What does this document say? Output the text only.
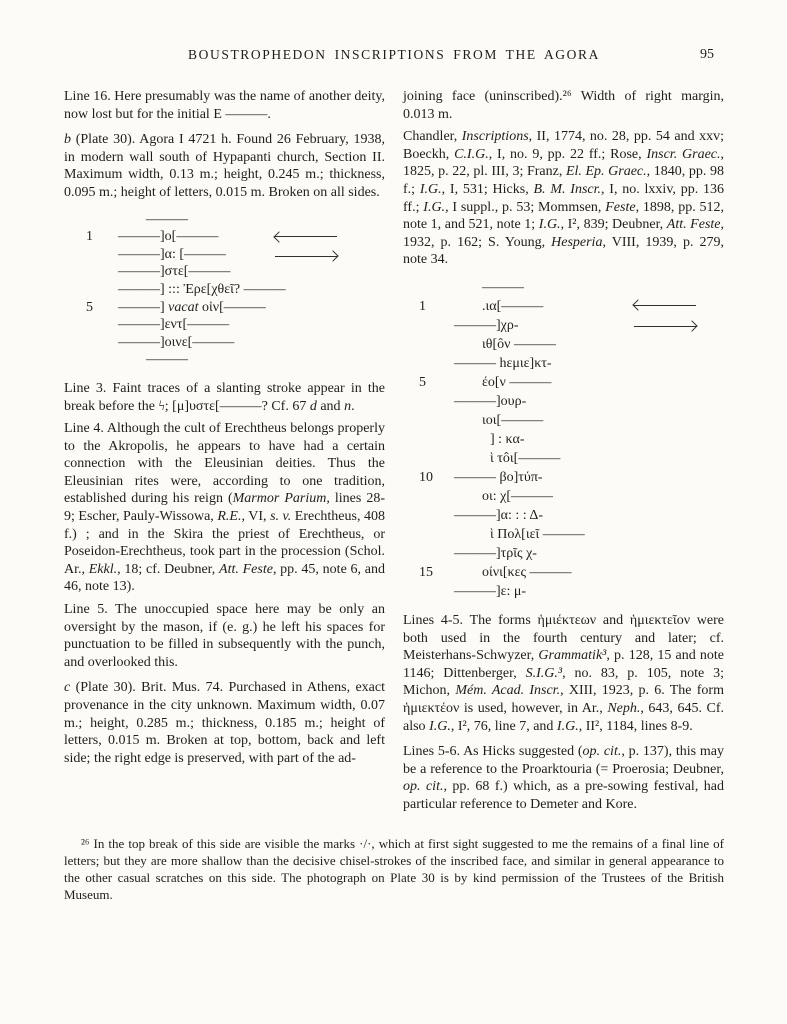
BOUSTROPHEDON INSCRIPTIONS FROM THE AGORA	95

Line 16. Here presumably was the name of another deity, now lost but for the initial E ———.

b (Plate 30). Agora I 4721 h. Found 26 February, 1938, in modern wall south of Hypapanti church, Section II. Maximum width, 0.13 m.; height, 0.245 m.; thickness, 0.095 m.; height of letters, 0.015 m. Broken on all sides.

———
1	———]o[———
———]α: [———
———]στε[———
———] ::: Ἐρε[χθεῖ? ———
5	———] vacat οἰν[———
———]εντ[———
———]οινε[———
———

Line 3. Faint traces of a slanting stroke appear in the break before the ϟ; [μ]υστε[———? Cf. 67 d and n.

Line 4. Although the cult of Erechtheus belongs properly to the Akropolis, he appears to have had a certain connection with the Eleusinian deities. Thus the Eleusinian rites were, according to one tradition, established during his reign (Marmor Parium, lines 28-9; Escher, Pauly-Wissowa, R.E., VI, s. v. Erechtheus, 408 f.) ; and in the Skira the priest of Erechtheus, or Poseidon-Erechtheus, took part in the procession (Schol. Ar., Ekkl., 18; cf. Deubner, Att. Feste, pp. 45, note 6, and 46, note 13).

Line 5. The unoccupied space here may be only an oversight by the mason, if (e. g.) he left his spaces for punctuation to be filled in subsequently with the punch, and overlooked this.

c (Plate 30). Brit. Mus. 74. Purchased in Athens, exact provenance in the city unknown. Maximum width, 0.07 m.; height, 0.285 m.; thickness, 0.185 m.; height of letters, 0.015 m. Broken at top, bottom, back and left side; the right edge is preserved, with part of the ad-

joining face (uninscribed).²⁶ Width of right margin, 0.013 m.

Chandler, Inscriptions, II, 1774, no. 28, pp. 54 and xxv; Boeckh, C.I.G., I, no. 9, pp. 22 ff.; Rose, Inscr. Graec., 1825, p. 22, pl. III, 3; Franz, El. Ep. Graec., 1840, pp. 98 f.; I.G., I, 531; Hicks, B. M. Inscr., I, no. lxxiv, pp. 136 ff.; I.G., I suppl., p. 53; Mommsen, Feste, 1898, pp. 512, note 1, and 521, note 1; I.G., I², 839; Deubner, Att. Feste, 1932, p. 162; S. Young, Hesperia, VIII, 1939, p. 279, note 34.

———
1	.ια[———
———]χρ-
ιθ[ôν ———
——— hεμιε]κτ-
5	έο[ν ———
———]ουρ-
ιοι[———
] : κα-
ὶ τôι[———
10	——— βο]τύπ-
οι: χ[———
———]α: : : Δ-
ὶ Πολ[ιεῖ ———
———]τρῖς χ-
15	οίνι[κες ———
———]ε: μ-

Lines 4-5. The forms ἡμιέκτεων and ἡμιεκτεῖον were both used in the fourth century and later; cf. Meisterhans-Schwyzer, Grammatik³, p. 128, 15 and note 1146; Dittenberger, S.I.G.³, no. 83, p. 105, note 3; Michon, Mém. Acad. Inscr., XIII, 1923, p. 6. The form ἡμιεκτέον is used, however, in Ar., Neph., 643, 645. Cf. also I.G., I², 76, line 7, and I.G., II², 1184, lines 8-9.

Lines 5-6. As Hicks suggested (op. cit., p. 137), this may be a reference to the Proarktouria (= Proerosia; Deubner, op. cit., pp. 68 f.) which, as a pre-sowing festival, had particular reference to Demeter and Kore.

²⁶ In the top break of this side are visible the marks ·/·, which at first sight suggested to me the remains of a final line of letters; but they are more shallow than the decisive chisel-strokes of the inscribed face, and similar in general appearance to the other casual scratches on this side. The photograph on Plate 30 is by kind permission of the Trustees of the British Museum.
